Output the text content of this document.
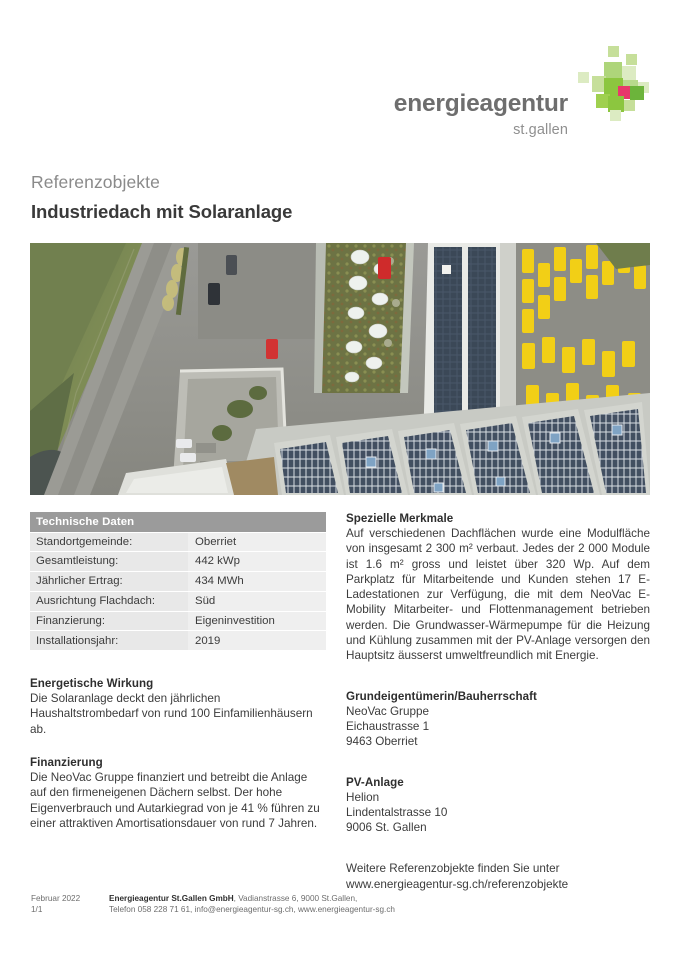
energieagentur
st.gallen
Referenzobjekte
Industriedach mit Solaranlage
Technische Daten
Standortgemeinde:	Oberriet
Gesamtleistung:	442 kWp
Jährlicher Ertrag:	434 MWh
Ausrichtung Flachdach:	Süd
Finanzierung:	Eigeninvestition
Installationsjahr:	2019
Energetische Wirkung

Die Solaranlage deckt den jährlichen Haushaltstrombedarf von rund 100 Einfamilienhäusern ab.

Finanzierung

Die NeoVac Gruppe finanziert und betreibt die Anlage auf den firmeneigenen Dächern selbst. Der hohe Eigenverbrauch und Autarkiegrad von je 41 % führen zu einer attraktiven Amortisationsdauer von rund 7 Jahren.

Spezielle Merkmale

Auf verschiedenen Dachflächen wurde eine Modulfläche von insgesamt 2 300 m² verbaut. Jedes der 2 000 Module ist 1.6 m² gross und leistet über 320 Wp. Auf dem Parkplatz für Mitarbeitende und Kunden stehen 17 E-Ladestationen zur Verfügung, die mit dem NeoVac E-Mobility Mitarbeiter- und Flottenmanagement betrieben werden. Die Grundwasser-Wärmepumpe für die Heizung und Kühlung zusammen mit der PV-Anlage versorgen den Hauptsitz äusserst umweltfreundlich mit Energie.

Grundeigentümerin/Bauherrschaft
NeoVac Gruppe
Eichaustrasse 1
9463 Oberriet
PV-Anlage
Helion
Lindentalstrasse 10
9006 St. Gallen
Weitere Referenzobjekte finden Sie unter
www.energieagentur-sg.ch/referenzobjekte
Februar 2022
1/1
Energieagentur St.Gallen GmbH, Vadianstrasse 6, 9000 St.Gallen,
Telefon 058 228 71 61, info@energieagentur-sg.ch, www.energieagentur-sg.ch
